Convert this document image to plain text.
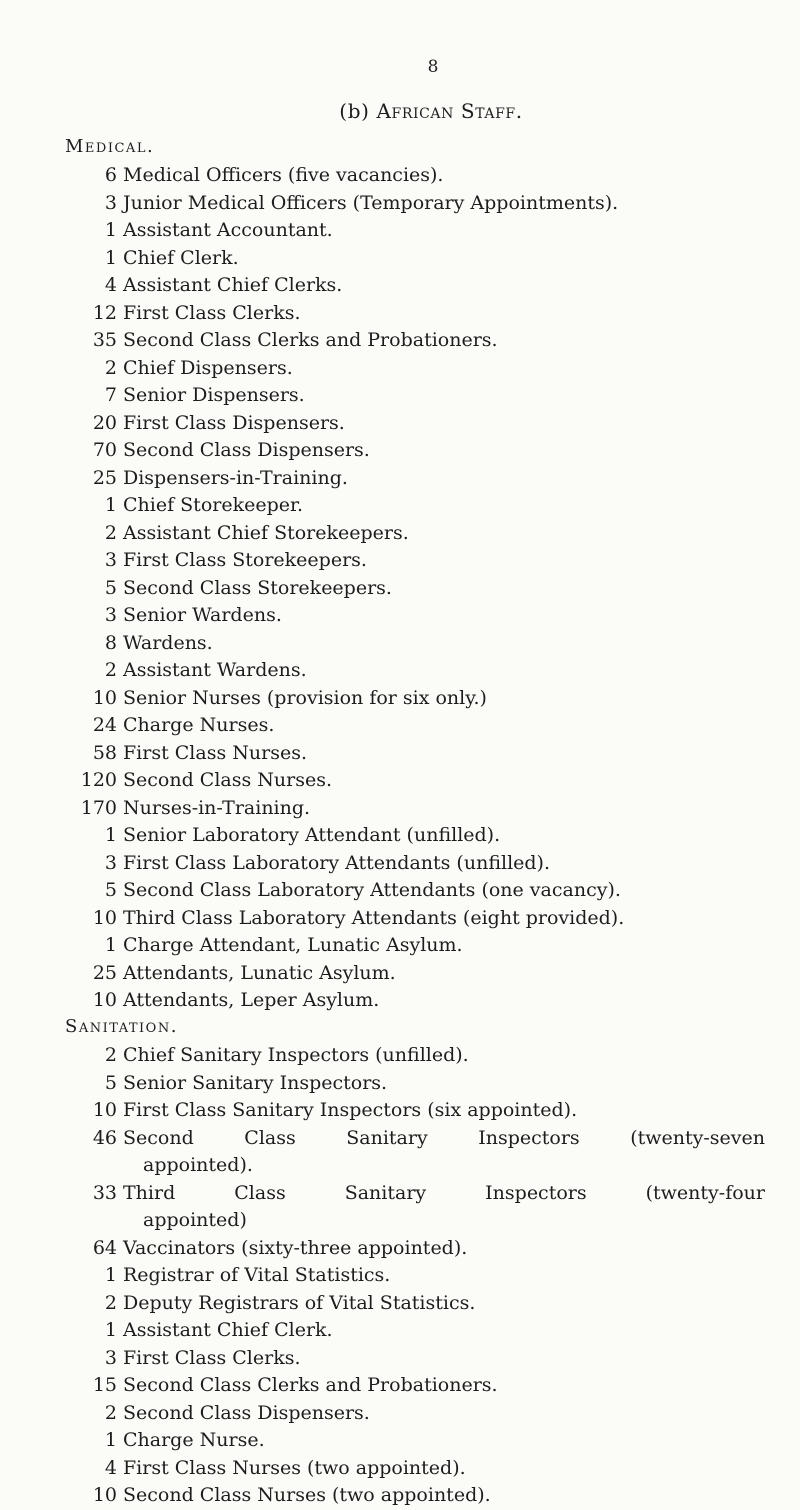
8
(b) African Staff.
Medical.
6 Medical Officers (five vacancies).
3 Junior Medical Officers (Temporary Appointments).
1 Assistant Accountant.
1 Chief Clerk.
4 Assistant Chief Clerks.
12 First Class Clerks.
35 Second Class Clerks and Probationers.
2 Chief Dispensers.
7 Senior Dispensers.
20 First Class Dispensers.
70 Second Class Dispensers.
25 Dispensers-in-Training.
1 Chief Storekeeper.
2 Assistant Chief Storekeepers.
3 First Class Storekeepers.
5 Second Class Storekeepers.
3 Senior Wardens.
8 Wardens.
2 Assistant Wardens.
10 Senior Nurses (provision for six only.)
24 Charge Nurses.
58 First Class Nurses.
120 Second Class Nurses.
170 Nurses-in-Training.
1 Senior Laboratory Attendant (unfilled).
3 First Class Laboratory Attendants (unfilled).
5 Second Class Laboratory Attendants (one vacancy).
10 Third Class Laboratory Attendants (eight provided).
1 Charge Attendant, Lunatic Asylum.
25 Attendants, Lunatic Asylum.
10 Attendants, Leper Asylum.
Sanitation.
2 Chief Sanitary Inspectors (unfilled).
5 Senior Sanitary Inspectors.
10 First Class Sanitary Inspectors (six appointed).
46 Second Class Sanitary Inspectors (twenty-seven
appointed).
33 Third Class Sanitary Inspectors (twenty-four
appointed)
64 Vaccinators (sixty-three appointed).
1 Registrar of Vital Statistics.
2 Deputy Registrars of Vital Statistics.
1 Assistant Chief Clerk.
3 First Class Clerks.
15 Second Class Clerks and Probationers.
2 Second Class Dispensers.
1 Charge Nurse.
4 First Class Nurses (two appointed).
10 Second Class Nurses (two appointed).
